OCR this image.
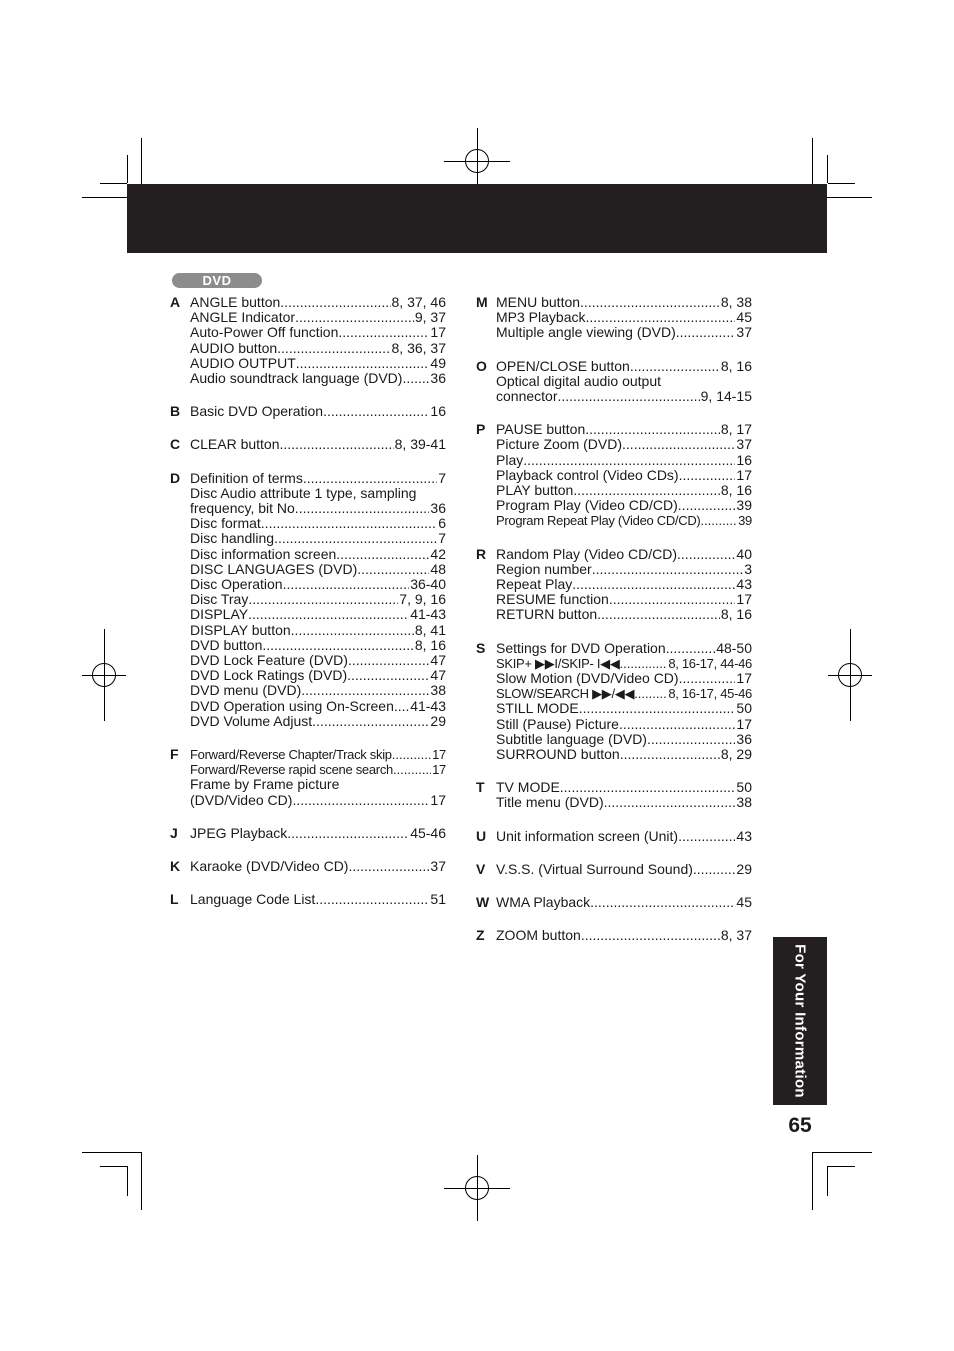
DVD
A ANGLE button .....	8, 37, 46
ANGLE Indicator .....	9, 37
Auto-Power Off function .....	17
AUDIO button .....	8, 36, 37
AUDIO OUTPUT .....	49
Audio soundtrack language (DVD) ..... 36
B Basic DVD Operation .....	16
C CLEAR button .....	8, 39-41
D Definition of terms .....	7
Disc Audio attribute 1 type, sampling
frequency, bit No. .....	36
Disc format .....	6
Disc handling .....	7
Disc information screen. .....	42
DISC LANGUAGES (DVD) .....	48
Disc Operation .....	36-40
Disc Tray .....	7, 9, 16
DISPLAY .....	41-43
DISPLAY button .....	8, 41
DVD button .....	8, 16
DVD Lock Feature (DVD) .....	47
DVD Lock Ratings (DVD) .....	47
DVD menu (DVD) .....	38
DVD Operation using On-Screen ..... 41-43
DVD Volume Adjust .....	29
F Forward/Reverse Chapter/Track skip .....	17
Forward/Reverse rapid scene search .....	17
Frame by Frame picture
(DVD/Video CD) .....	17
J JPEG Playback .....	45-46
K Karaoke (DVD/Video CD) .....	37
L Language Code List .....	51
M MENU button .....	8, 38
MP3 Playback .....	45
Multiple angle viewing (DVD) .....	37
O OPEN/CLOSE button .....	8, 16
Optical digital audio output
connector .....	9, 14-15
P PAUSE button .....	8, 17
Picture Zoom (DVD) .....	37
Play .....	16
Playback control (Video CDs) .....	17
PLAY button .....	8, 16
Program Play (Video CD/CD) .....	39
Program Repeat Play (Video CD/CD) .....	39
R Random Play (Video CD/CD) .....	40
Region number .....	3
Repeat Play .....	43
RESUME function .....	17
RETURN button .....	8, 16
S Settings for DVD Operation .....	48-50
SKIP+ ▶▶I/SKIP- I◀◀ .....	8, 16-17, 44-46
Slow Motion (DVD/Video CD) .....	17
SLOW/SEARCH ▶▶/◀◀ .....	8, 16-17, 45-46
STILL MODE .....	50
Still (Pause) Picture .....	17
Subtitle language (DVD) .....	36
SURROUND button .....	8, 29
T TV MODE .....	50
Title menu (DVD) .....	38
U Unit information screen (Unit) .....	43
V V.S.S. (Virtual Surround Sound) .....	29
W WMA Playback .....	45
Z ZOOM button .....	8, 37
For Your Information
65
